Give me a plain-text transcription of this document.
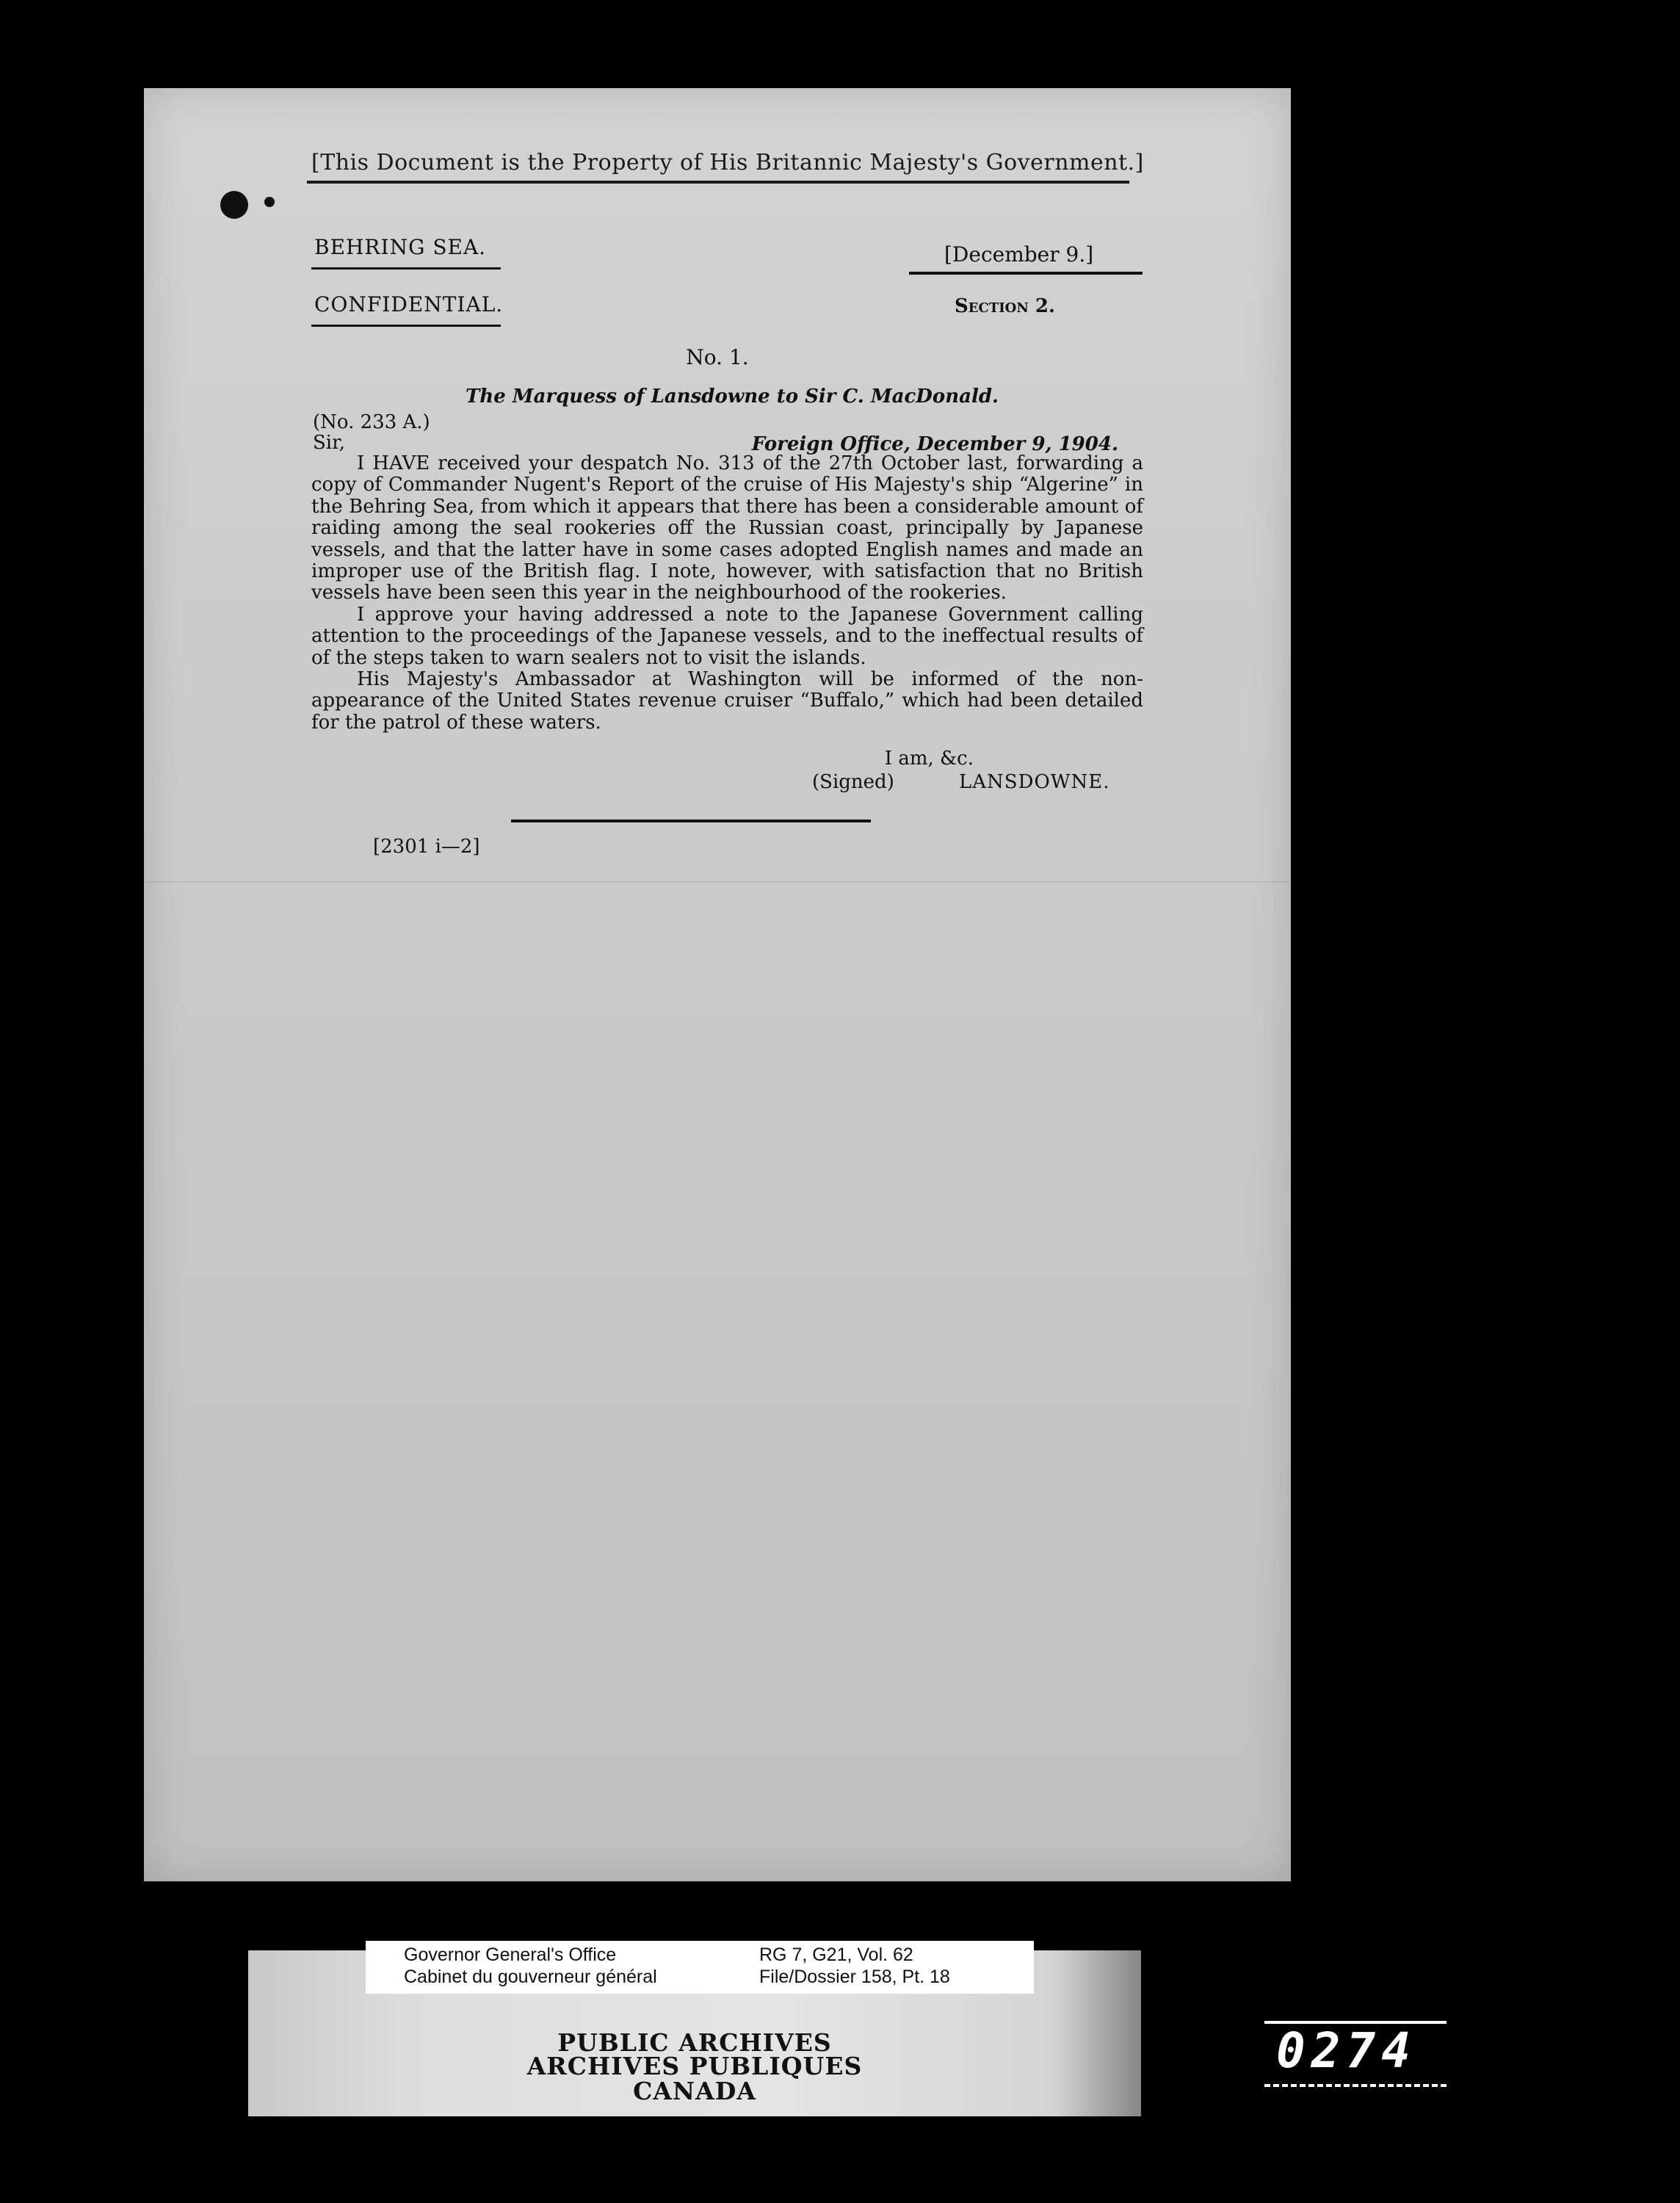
[This Document is the Property of His Britannic Majesty's Government.]
BEHRING SEA.
CONFIDENTIAL.
[December 9.]
Section 2.
No. 1.
The Marquess of Lansdowne to Sir C. MacDonald.
(No. 233 A.)
Sir,	Foreign Office, December 9, 1904.

I HAVE received your despatch No. 313 of the 27th October last, forwarding a copy of Commander Nugent's Report of the cruise of His Majesty's ship “Algerine” in the Behring Sea, from which it appears that there has been a considerable amount of raiding among the seal rookeries off the Russian coast, principally by Japanese vessels, and that the latter have in some cases adopted English names and made an improper use of the British flag. I note, however, with satisfaction that no British vessels have been seen this year in the neighbourhood of the rookeries.

I approve your having addressed a note to the Japanese Government calling attention to the proceedings of the Japanese vessels, and to the ineffectual results of of the steps taken to warn sealers not to visit the islands.

His Majesty's Ambassador at Washington will be informed of the non-appearance of the United States revenue cruiser “Buffalo,” which had been detailed for the patrol of these waters.

I am, &c.
(Signed)	LANSDOWNE.
[2301 i—2]
Governor General's Office
Cabinet du gouverneur général
RG 7, G21, Vol. 62
File/Dossier 158, Pt. 18
PUBLIC ARCHIVES
ARCHIVES PUBLIQUES
CANADA
0274
